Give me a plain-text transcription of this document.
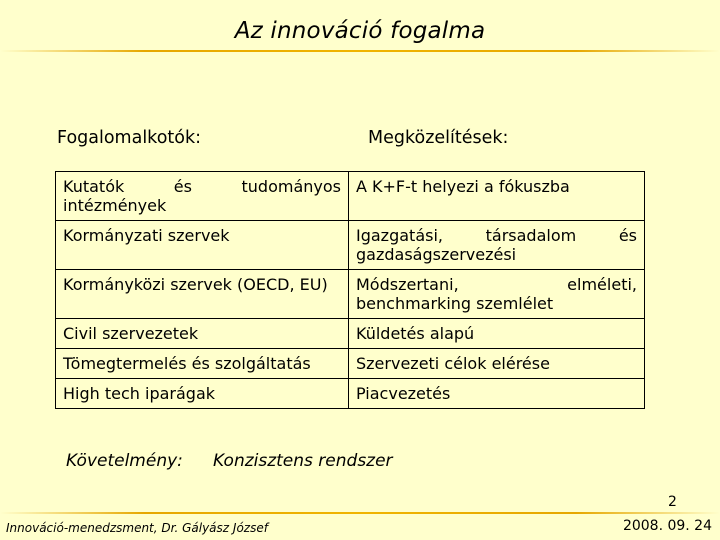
Az innováció fogalma
Fogalomalkotók:	Megközelítések:
Kutatók és tudományos intézmények	A K+F-t helyezi a fókuszba
Kormányzati szervek	Igazgatási, társadalom és gazdaságszervezési
Kormányközi szervek (OECD, EU)	Módszertani, elméleti, benchmarking szemlélet
Civil szervezetek	Küldetés alapú
Tömegtermelés és szolgáltatás	Szervezeti célok elérése
High tech iparágak	Piacvezetés
Követelmény: Konzisztens rendszer
2
Innováció-menedzsment, Dr. Gályász József	2008. 09. 24
